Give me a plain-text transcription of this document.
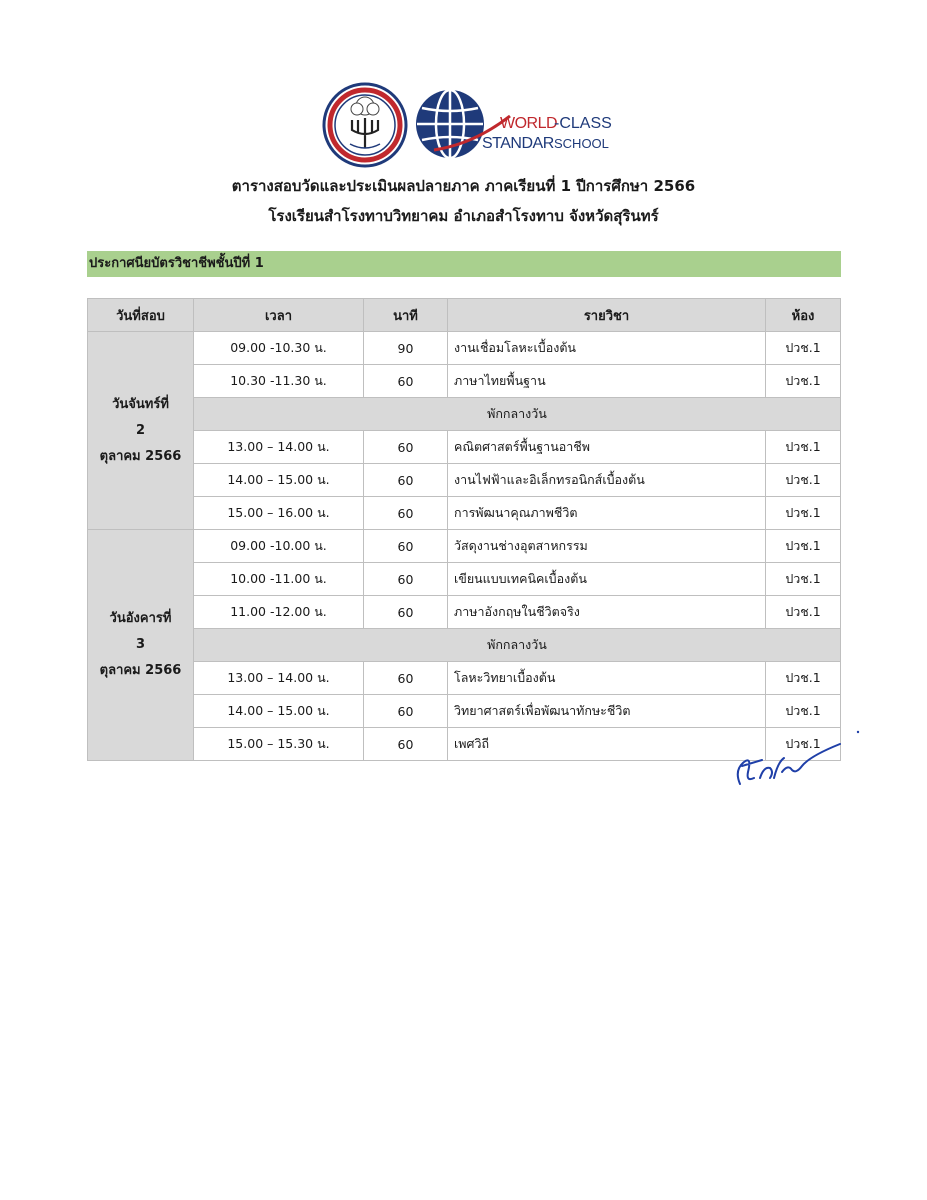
WORLD
-CLASS
STANDAR SCHOOL
ตารางสอบวัดและประเมินผลปลายภาค ภาคเรียนที่ 1 ปีการศึกษา 2566
โรงเรียนสำโรงทาบวิทยาคม อำเภอสำโรงทาบ จังหวัดสุรินทร์
ประกาศนียบัตรวิชาชีพชั้นปีที่ 1
วันที่สอบ	เวลา	นาที	รายวิชา	ห้อง

วันจันทร์ที่
2
ตุลาคม 2566	09.00 -10.30 น.	90	งานเชื่อมโลหะเบื้องต้น	ปวช.1
	10.30 -11.30 น.	60	ภาษาไทยพื้นฐาน	ปวช.1
	พักกลางวัน			
	13.00 – 14.00 น.	60	คณิตศาสตร์พื้นฐานอาชีพ	ปวช.1
	14.00 – 15.00 น.	60	งานไฟฟ้าและอิเล็กทรอนิกส์เบื้องต้น	ปวช.1
	15.00 – 16.00 น.	60	การพัฒนาคุณภาพชีวิต	ปวช.1

วันอังคารที่
3
ตุลาคม 2566	09.00 -10.00 น.	60	วัสดุงานช่างอุตสาหกรรม	ปวช.1
	10.00 -11.00 น.	60	เขียนแบบเทคนิคเบื้องต้น	ปวช.1
	11.00 -12.00 น.	60	ภาษาอังกฤษในชีวิตจริง	ปวช.1
	พักกลางวัน			
	13.00 – 14.00 น.	60	โลหะวิทยาเบื้องต้น	ปวช.1
	14.00 – 15.00 น.	60	วิทยาศาสตร์เพื่อพัฒนาทักษะชีวิต	ปวช.1
	15.00 – 15.30 น.	60	เพศวิถี	ปวช.1
